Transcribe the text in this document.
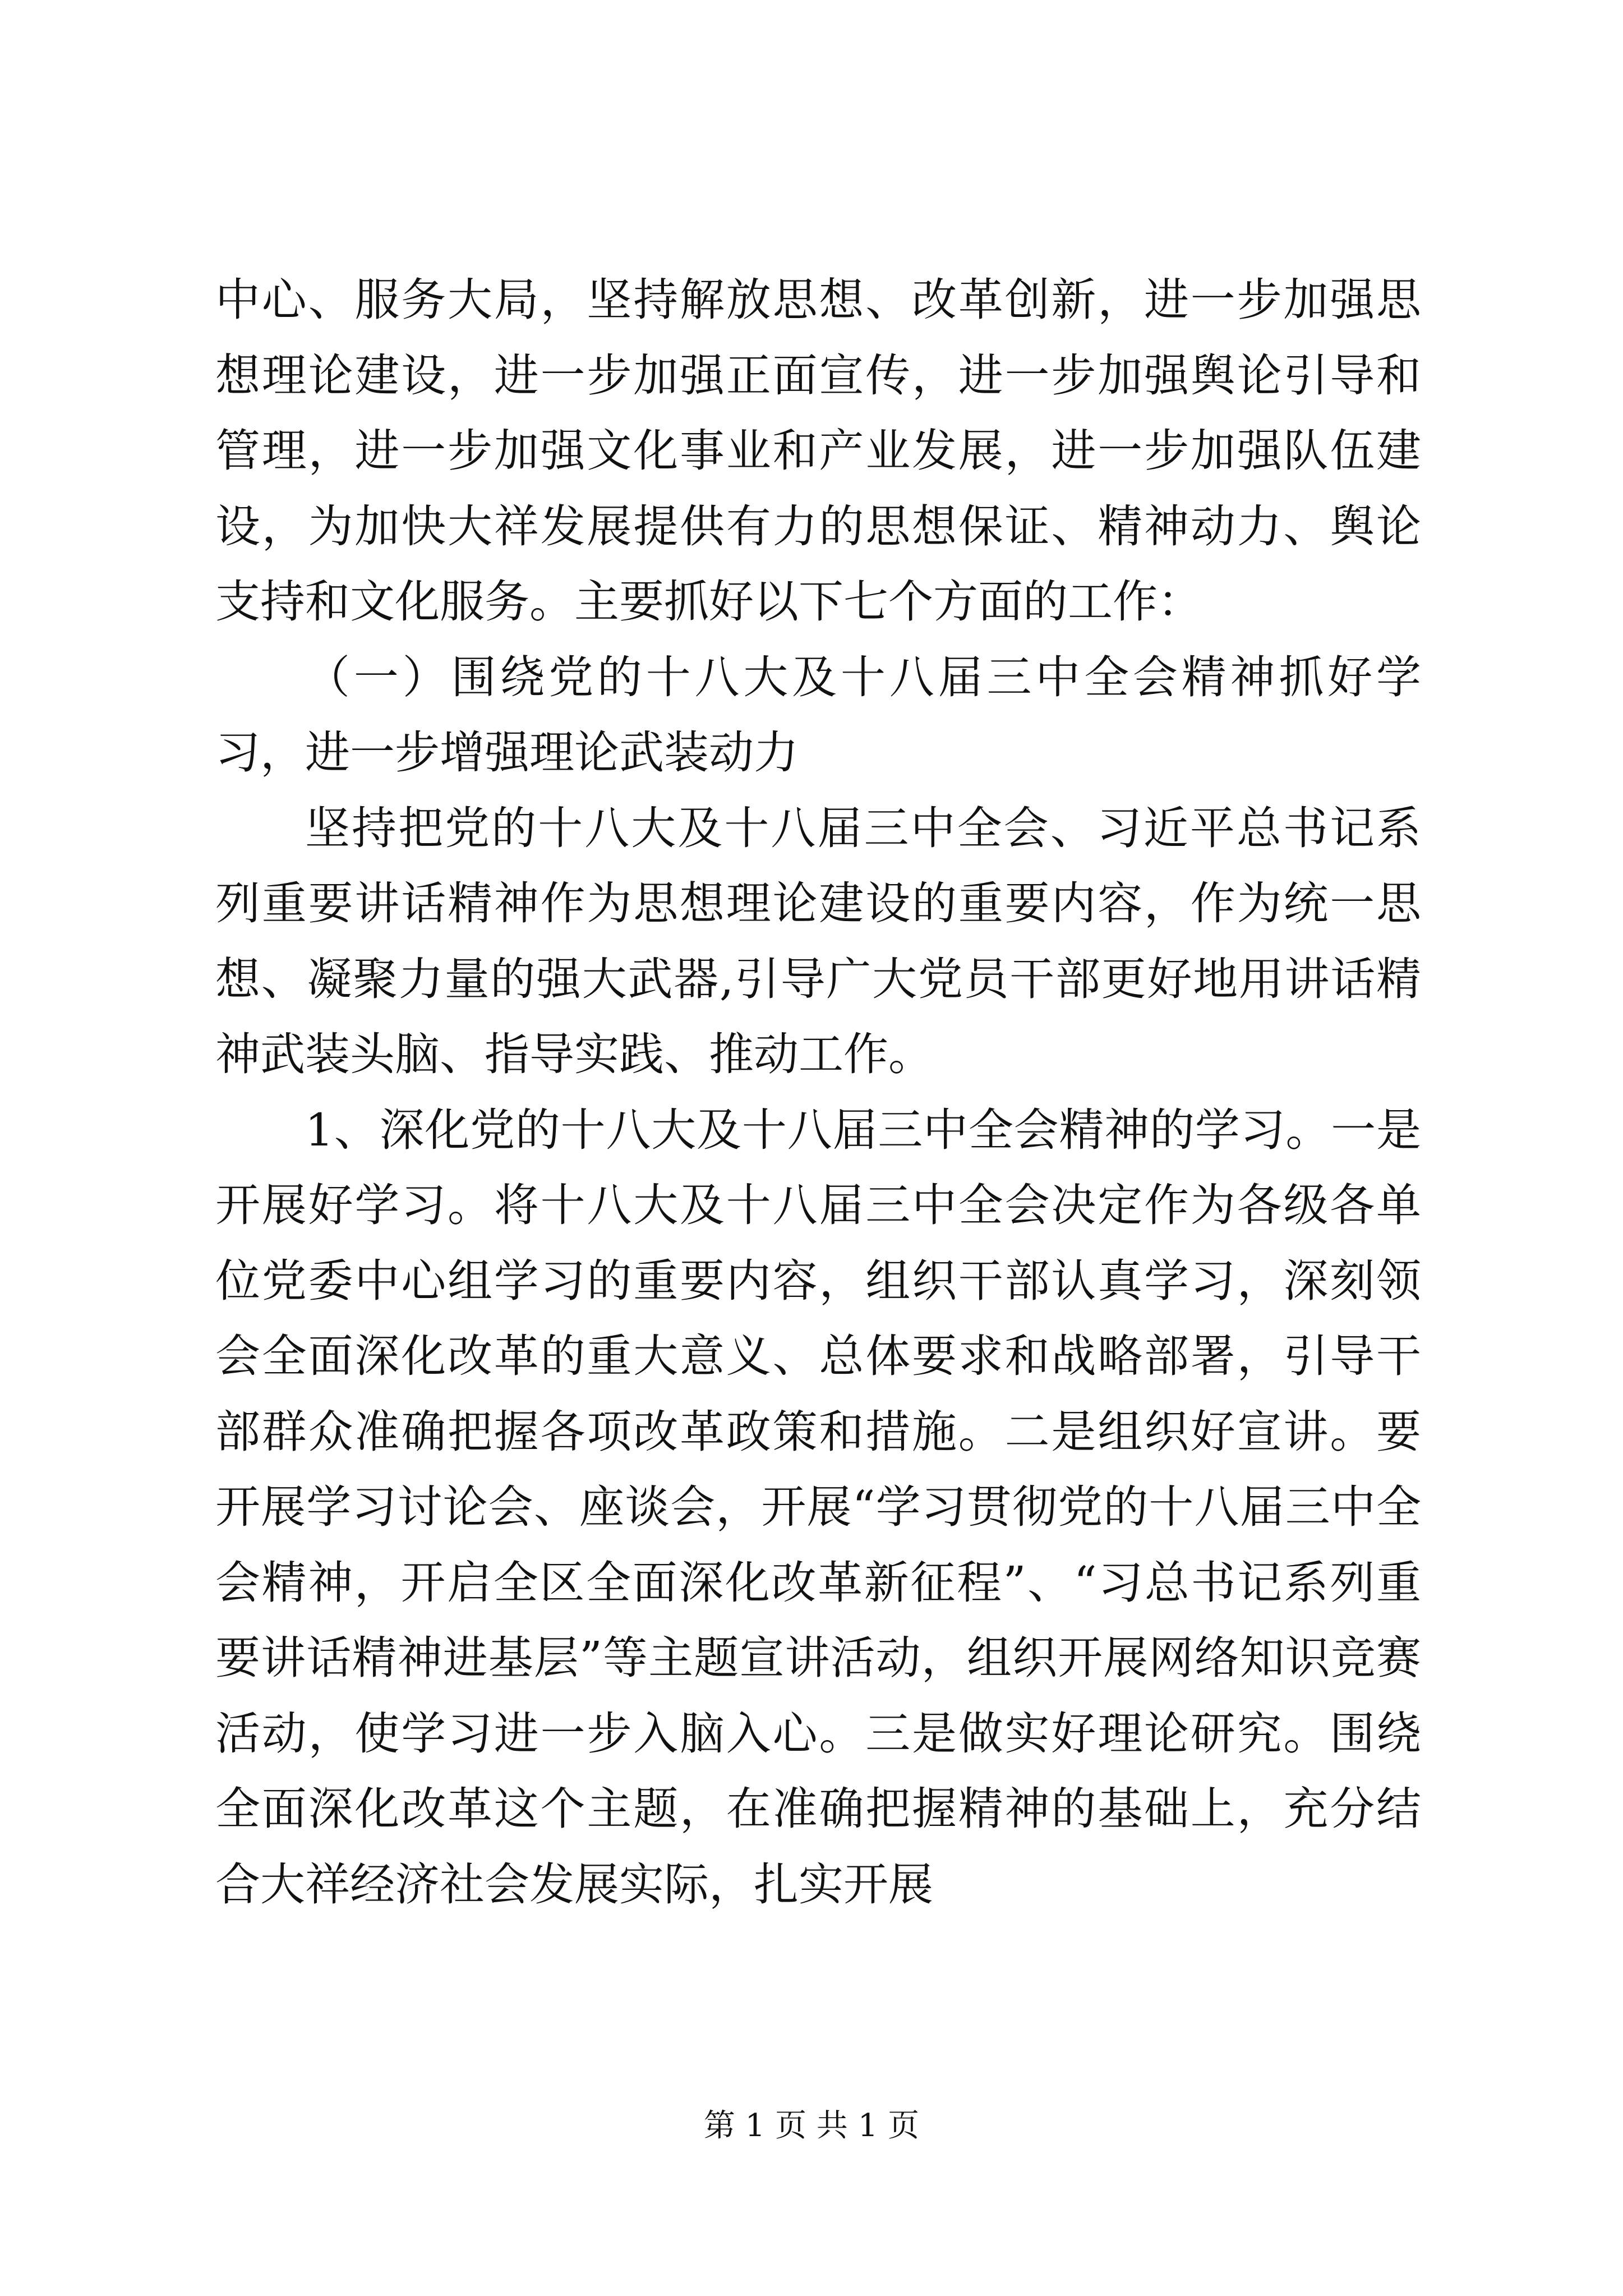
中心、服务大局，坚持解放思想、改革创新，进一步加强思想理论建设，进一步加强正面宣传，进一步加强舆论引导和管理，进一步加强文化事业和产业发展，进一步加强队伍建设，为加快大祥发展提供有力的思想保证、精神动力、舆论支持和文化服务。主要抓好以下七个方面的工作：

（一）围绕党的十八大及十八届三中全会精神抓好学习，进一步增强理论武装动力

坚持把党的十八大及十八届三中全会、习近平总书记系列重要讲话精神作为思想理论建设的重要内容，作为统一思想、凝聚力量的强大武器,引导广大党员干部更好地用讲话精神武装头脑、指导实践、推动工作。

1、深化党的十八大及十八届三中全会精神的学习。一是开展好学习。将十八大及十八届三中全会决定作为各级各单位党委中心组学习的重要内容，组织干部认真学习，深刻领会全面深化改革的重大意义、总体要求和战略部署，引导干部群众准确把握各项改革政策和措施。二是组织好宣讲。要开展学习讨论会、座谈会，开展“学习贯彻党的十八届三中全会精神，开启全区全面深化改革新征程”、“习总书记系列重要讲话精神进基层”等主题宣讲活动，组织开展网络知识竞赛活动，使学习进一步入脑入心。三是做实好理论研究。围绕全面深化改革这个主题，在准确把握精神的基础上，充分结合大祥经济社会发展实际，扎实开展

第 1 页 共 1 页
